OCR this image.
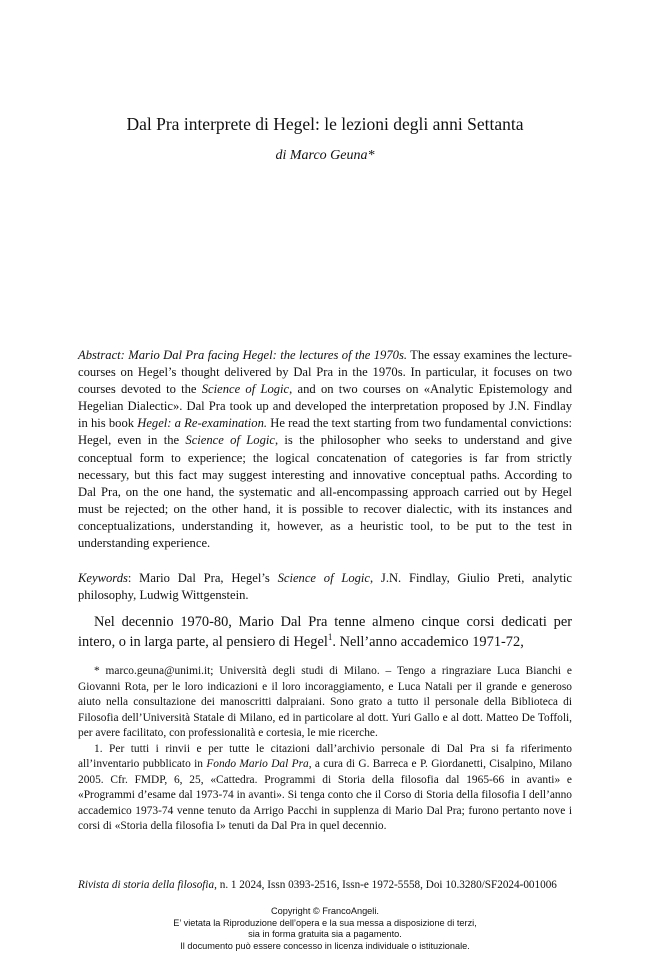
Dal Pra interprete di Hegel: le lezioni degli anni Settanta
di Marco Geuna*
Abstract: Mario Dal Pra facing Hegel: the lectures of the 1970s. The essay examines the lecture-courses on Hegel’s thought delivered by Dal Pra in the 1970s. In particular, it focuses on two courses devoted to the Science of Logic, and on two courses on «Analytic Epistemology and Hegelian Dialectic». Dal Pra took up and developed the interpretation proposed by J.N. Findlay in his book Hegel: a Re-examination. He read the text starting from two fundamental convictions: Hegel, even in the Science of Logic, is the philosopher who seeks to understand and give conceptual form to experience; the logical concatenation of categories is far from strictly necessary, but this fact may suggest interesting and innovative conceptual paths. According to Dal Pra, on the one hand, the systematic and all-encompassing approach carried out by Hegel must be rejected; on the other hand, it is possible to recover dialectic, with its instances and conceptualizations, understanding it, however, as a heuristic tool, to be put to the test in understanding experience.
Keywords: Mario Dal Pra, Hegel’s Science of Logic, J.N. Findlay, Giulio Preti, analytic philosophy, Ludwig Wittgenstein.
Nel decennio 1970-80, Mario Dal Pra tenne almeno cinque corsi dedicati per intero, o in larga parte, al pensiero di Hegel$^1$. Nell’anno accademico 1971-72,

* marco.geuna@unimi.it; Università degli studi di Milano. – Tengo a ringraziare Luca Bianchi e Giovanni Rota, per le loro indicazioni e il loro incoraggiamento, e Luca Natali per il grande e generoso aiuto nella consultazione dei manoscritti dalpraiani. Sono grato a tutto il personale della Biblioteca di Filosofia dell’Università Statale di Milano, ed in particolare al dott. Yuri Gallo e al dott. Matteo De Toffoli, per avere facilitato, con professionalità e cortesia, le mie ricerche.

1. Per tutti i rinvii e per tutte le citazioni dall’archivio personale di Dal Pra si fa riferimento all’inventario pubblicato in Fondo Mario Dal Pra, a cura di G. Barreca e P. Giordanetti, Cisalpino, Milano 2005. Cfr. FMDP, 6, 25, «Cattedra. Programmi di Storia della filosofia dal 1965-66 in avanti» e «Programmi d’esame dal 1973-74 in avanti». Si tenga conto che il Corso di Storia della filosofia I dell’anno accademico 1973-74 venne tenuto da Arrigo Pacchi in supplenza di Mario Dal Pra; furono pertanto nove i corsi di «Storia della filosofia I» tenuti da Dal Pra in quel decennio.

Rivista di storia della filosofia, n. 1 2024, Issn 0393-2516, Issn-e 1972-5558, Doi 10.3280/SF2024-001006
Copyright © FrancoAngeli.
E’ vietata la Riproduzione dell’opera e la sua messa a disposizione di terzi,
sia in forma gratuita sia a pagamento.
Il documento può essere concesso in licenza individuale o istituzionale.
